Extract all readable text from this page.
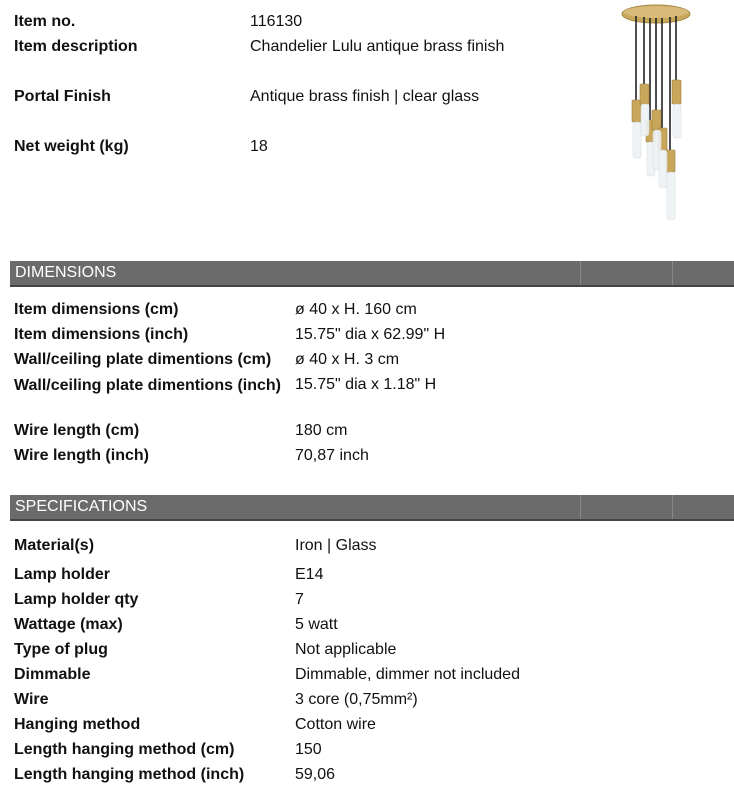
Item no.	116130
Item description	Chandelier Lulu antique brass finish
Portal Finish	Antique brass finish | clear glass
Net weight (kg)	18
DIMENSIONS
Item dimensions (cm)	ø 40 x H. 160 cm
Item dimensions (inch)	15.75" dia x 62.99" H
Wall/ceiling plate dimentions (cm) ø 40 x H. 3 cm
Wall/ceiling plate dimentions (inch) 15.75" dia x 1.18" H
Wire length (cm)	180 cm
Wire length (inch)	70,87 inch
SPECIFICATIONS
Material(s)	Iron | Glass
Lamp holder	E14
Lamp holder qty	7
Wattage (max)	5 watt
Type of plug	Not applicable
Dimmable	Dimmable, dimmer not included
Wire	3 core (0,75mm²)
Hanging method	Cotton wire
Length hanging method (cm)	150
Length hanging method (inch)	59,06
